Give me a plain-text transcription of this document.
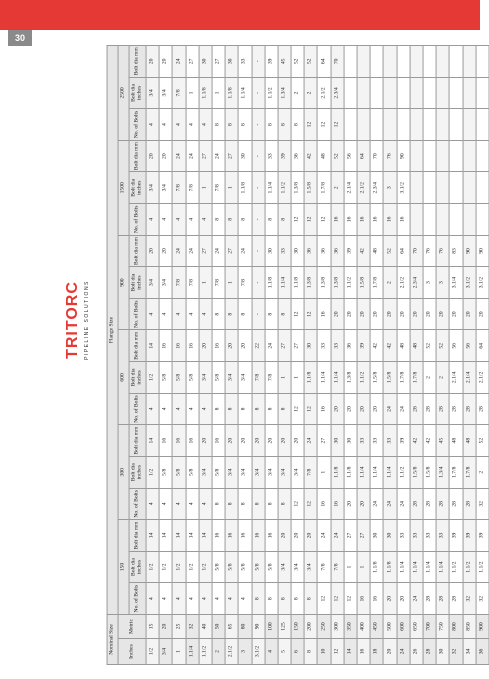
30
TRITORC PIPELINE SOLUTIONS
Nominal Size		Flange Size																	
Inches	Metric	150			300			600			900			1500			2500		
		No. of Bolts	Bolt dia inches	Bolt dia mm	No. of Bolts	Bolt dia inches	Bolt dia mm	No. of Bolts	Bolt dia inches	Bolt dia mm	No. of Bolts	Bolt dia inches	Bolt dia mm	No. of Bolts	Bolt dia inches	Bolt dia mm	No. of Bolts	Bolt dia inches	Bolt dia mm
1/2	15	4	1/2	14	4	1/2	14	4	1/2	14	4	3/4	20	4	3/4	20	4	3/4	20
3/4	20	4	1/2	14	4	5/8	16	4	5/8	16	4	3/4	20	4	3/4	20	4	3/4	20
1	25	4	1/2	14	4	5/8	16	4	5/8	16	4	7/8	24	4	7/8	24	4	7/8	24
1.1/4	32	4	1/2	14	4	5/8	16	4	5/8	16	4	7/8	24	4	7/8	24	4	1	27
1.1/2	40	4	1/2	14	4	3/4	20	4	3/4	20	4	1	27	4	1	27	4	1.1/8	30
2	50	4	5/8	16	8	5/8	16	8	5/8	16	8	7/8	24	8	7/8	24	8	1	27
2.1/2	65	4	5/8	16	8	3/4	20	8	3/4	20	8	1	27	8	1	27	8	1.1/8	30
3	80	4	5/8	16	8	3/4	20	8	3/4	20	8	7/8	24	8	1.1/8	30	8	1.1/4	33
3.1/2	90	8	5/8	16	8	3/4	20	8	7/8	22	-	-	-	-	-	-	-	-	-
4	100	8	5/8	16	8	3/4	20	8	7/8	24	8	1.1/8	30	8	1.1/4	33	8	1.1/2	39
5	125	8	3/4	20	8	3/4	20	8	1	27	8	1.1/4	33	8	1.1/2	39	8	1.3/4	45
6	150	8	3/4	20	12	3/4	20	12	1	27	12	1.1/8	30	12	1.3/8	36	8	2	52
8	200	8	3/4	20	12	7/8	24	12	1.1/8	30	12	1.3/8	36	12	1.5/8	42	12	2	52
10	250	12	7/8	24	16	1	27	16	1.1/4	33	16	1.3/8	36	12	1.7/8	48	12	2.1/2	64
12	300	12	7/8	24	16	1.1/8	30	20	1.1/4	33	20	1.3/8	36	16	2	52	12	2.3/4	70
14	350	12	1	27	20	1.1/8	30	20	1.3/8	36	20	1.1/2	39	16	2.1/4	56			
16	400	16	1	27	20	1.1/4	33	20	1.1/2	39	20	1.5/8	42	16	2.1/2	64			
18	450	16	1.1/8	30	24	1.1/4	33	20	1.5/8	42	20	1.7/8	48	16	2.3/4	70			
20	500	20	1.1/8	30	24	1.1/4	33	24	1.5/8	42	20	2	52	16	3	76			
24	600	20	1.1/4	33	24	1.1/2	39	24	1.7/8	48	20	2.1/2	64	16	3.1/2	90			
26	650	24	1.1/4	33	28	1.5/8	42	28	1.7/8	48	20	2.3/4	70						
28	700	28	1.1/4	33	28	1.5/8	42	28	2	52	20	3	76						
30	750	28	1.1/4	33	28	1.3/4	45	28	2	52	20	3	76						
32	800	28	1.1/2	39	28	1.7/8	48	28	2.1/4	56	20	3.1/4	83						
34	850	32	1.1/2	39	28	1.7/8	48	28	2.1/4	56	20	3.1/2	90						
36	900	32	1.1/2	39	32	2	52	28	2.1/2	64	20	3.1/2	90						
